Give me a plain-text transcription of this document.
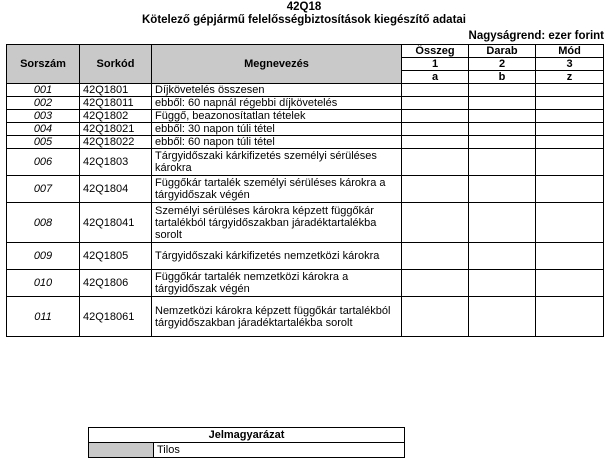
42Q18
Kötelező gépjármű felelősségbiztosítások kiegészítő adatai
Nagyságrend: ezer forint
Sorszám	Sorkód	Megnevezés	Összeg	Darab	Mód
			1	2	3
			a	b	z
001	42Q1801	Díjkövetelés összesen			
002	42Q18011	ebből: 60 napnál régebbi díjkövetelés			
003	42Q1802	Függő, beazonosítatlan tételek			
004	42Q18021	ebből: 30 napon túli tétel			
005	42Q18022	ebből: 60 napon túli tétel			
006	42Q1803	Tárgyidőszaki kárkifizetés személyi sérüléses károkra			
007	42Q1804	Függőkár tartalék személyi sérüléses károkra a tárgyidőszak végén			
008	42Q18041	Személyi sérüléses károkra képzett függőkár tartalékból tárgyidőszakban járadéktartalékba sorolt			
009	42Q1805	Tárgyidőszaki kárkifizetés nemzetközi károkra			
010	42Q1806	Függőkár tartalék nemzetközi károkra a tárgyidőszak végén			
011	42Q18061	Nemzetközi károkra képzett függőkár tartalékból tárgyidőszakban járadéktartalékba sorolt			
Jelmagyarázat
	Tilos
